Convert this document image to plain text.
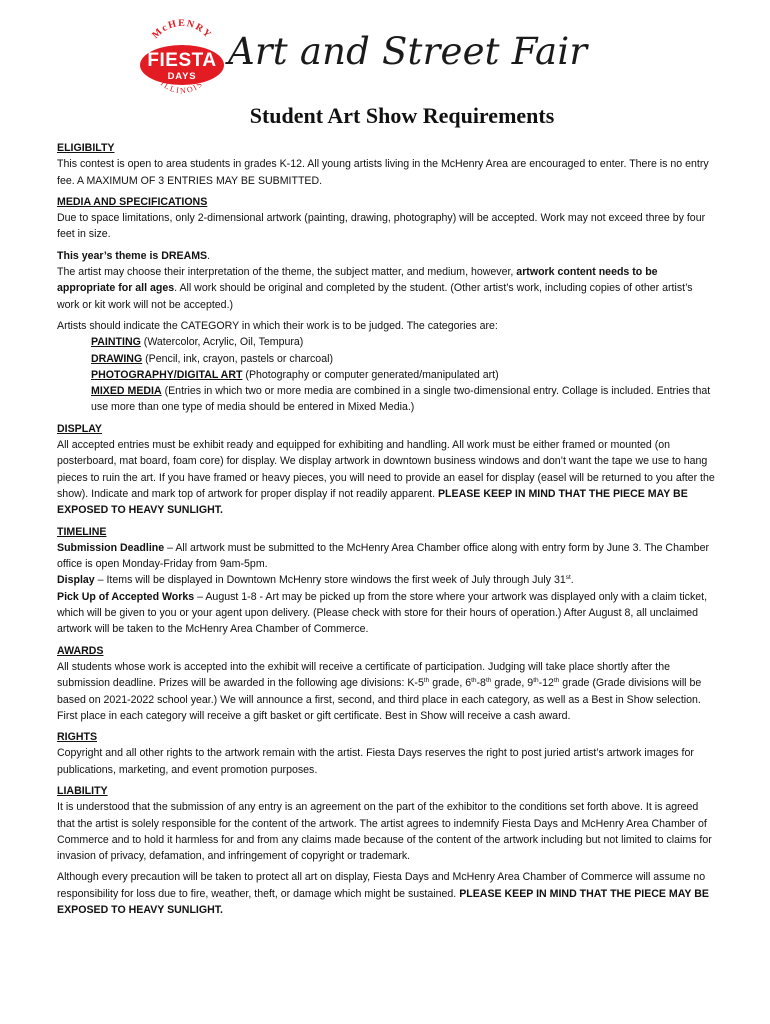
McHENRY
FIESTA
DAYS
ILLINOIS
Art and Street Fair
Student Art Show Requirements

ELIGIBILTY

This contest is open to area students in grades K-12. All young artists living in the McHenry Area are encouraged to enter. There is no entry fee. A MAXIMUM OF 3 ENTRIES MAY BE SUBMITTED.

MEDIA AND SPECIFICATIONS

Due to space limitations, only 2-dimensional artwork (painting, drawing, photography) will be accepted. Work may not exceed three by four feet in size.

This year’s theme is DREAMS.

The artist may choose their interpretation of the theme, the subject matter, and medium, however, artwork content needs to be appropriate for all ages. All work should be original and completed by the student. (Other artist’s work, including copies of other artist’s work or kit work will not be accepted.)

Artists should indicate the CATEGORY in which their work is to be judged. The categories are:

PAINTING (Watercolor, Acrylic, Oil, Tempura)

DRAWING (Pencil, ink, crayon, pastels or charcoal)

PHOTOGRAPHY/DIGITAL ART (Photography or computer generated/manipulated art)

MIXED MEDIA (Entries in which two or more media are combined in a single two-dimensional entry. Collage is included. Entries that use more than one type of media should be entered in Mixed Media.)

DISPLAY

All accepted entries must be exhibit ready and equipped for exhibiting and handling. All work must be either framed or mounted (on posterboard, mat board, foam core) for display. We display artwork in downtown business windows and don’t want the tape we use to hang pieces to ruin the art. If you have framed or heavy pieces, you will need to provide an easel for display (easel will be returned to you after the show). Indicate and mark top of artwork for proper display if not readily apparent. PLEASE KEEP IN MIND THAT THE PIECE MAY BE EXPOSED TO HEAVY SUNLIGHT.

TIMELINE

Submission Deadline – All artwork must be submitted to the McHenry Area Chamber office along with entry form by June 3. The Chamber office is open Monday-Friday from 9am-5pm.

Display – Items will be displayed in Downtown McHenry store windows the first week of July through July 31st.

Pick Up of Accepted Works – August 1-8 - Art may be picked up from the store where your artwork was displayed only with a claim ticket, which will be given to you or your agent upon delivery. (Please check with store for their hours of operation.) After August 8, all unclaimed artwork will be taken to the McHenry Area Chamber of Commerce.

AWARDS

All students whose work is accepted into the exhibit will receive a certificate of participation. Judging will take place shortly after the submission deadline. Prizes will be awarded in the following age divisions: K-5th grade, 6th-8th grade, 9th-12th grade (Grade divisions will be based on 2021-2022 school year.) We will announce a first, second, and third place in each category, as well as a Best in Show selection. First place in each category will receive a gift basket or gift certificate. Best in Show will receive a cash award.

RIGHTS

Copyright and all other rights to the artwork remain with the artist. Fiesta Days reserves the right to post juried artist’s artwork images for publications, marketing, and event promotion purposes.

LIABILITY

It is understood that the submission of any entry is an agreement on the part of the exhibitor to the conditions set forth above. It is agreed that the artist is solely responsible for the content of the artwork. The artist agrees to indemnify Fiesta Days and McHenry Area Chamber of Commerce and to hold it harmless for and from any claims made because of the content of the artwork including but not limited to claims for invasion of privacy, defamation, and infringement of copyright or trademark.

Although every precaution will be taken to protect all art on display, Fiesta Days and McHenry Area Chamber of Commerce will assume no responsibility for loss due to fire, weather, theft, or damage which might be sustained. PLEASE KEEP IN MIND THAT THE PIECE MAY BE EXPOSED TO HEAVY SUNLIGHT.
